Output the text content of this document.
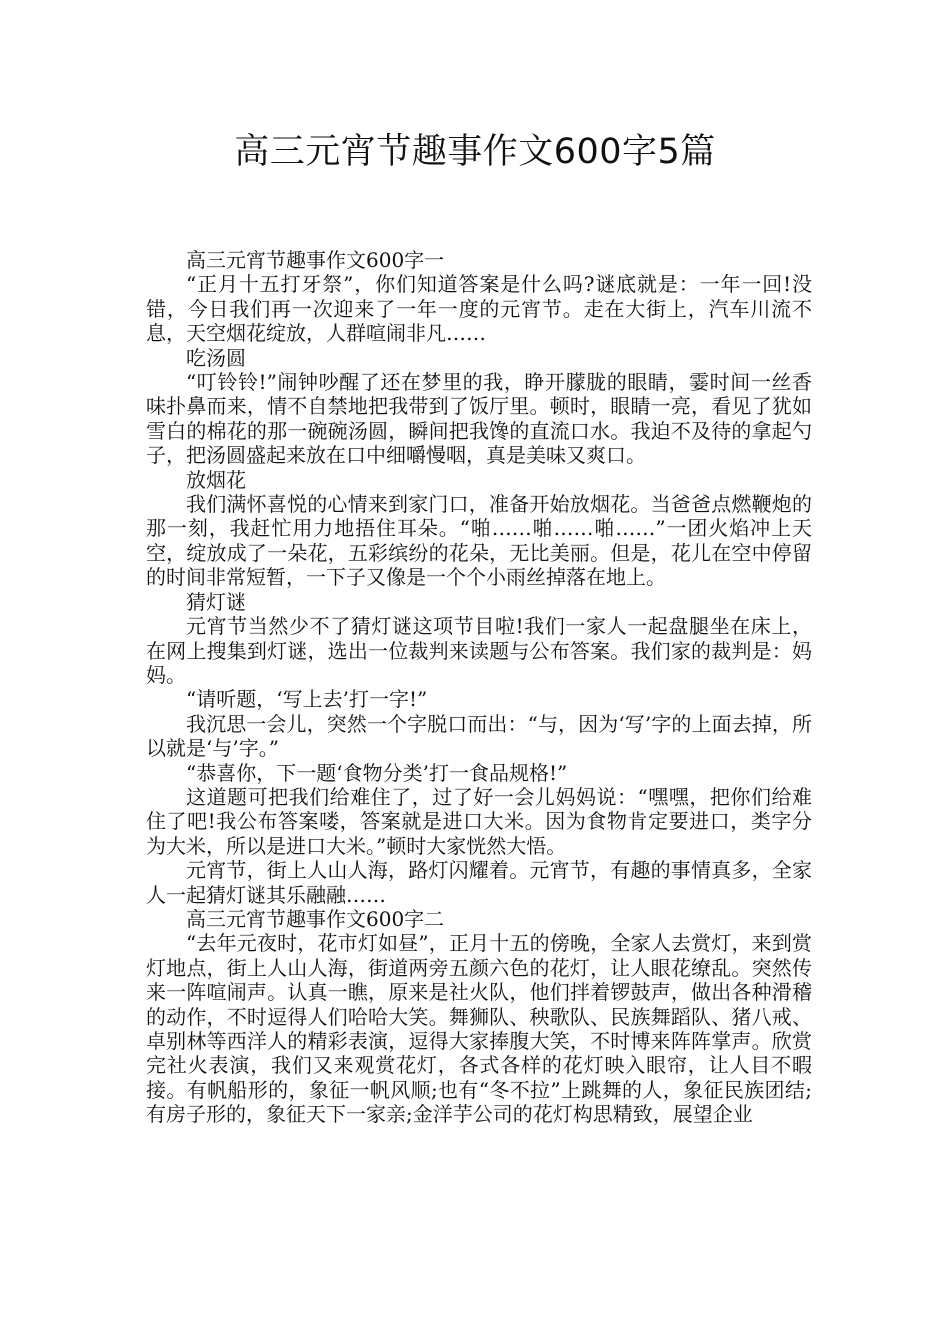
高三元宵节趣事作文600字5篇

高三元宵节趣事作文600字一

“正月十五打牙祭”，你们知道答案是什么吗?谜底就是：一年一回!没错，今日我们再一次迎来了一年一度的元宵节。走在大街上，汽车川流不息，天空烟花绽放，人群喧闹非凡……

吃汤圆

“叮铃铃!”闹钟吵醒了还在梦里的我，睁开朦胧的眼睛，霎时间一丝香味扑鼻而来，情不自禁地把我带到了饭厅里。顿时，眼睛一亮，看见了犹如雪白的棉花的那一碗碗汤圆，瞬间把我馋的直流口水。我迫不及待的拿起勺子，把汤圆盛起来放在口中细嚼慢咽，真是美味又爽口。

放烟花

我们满怀喜悦的心情来到家门口，准备开始放烟花。当爸爸点燃鞭炮的那一刻，我赶忙用力地捂住耳朵。“啪……啪……啪……”一团火焰冲上天空，绽放成了一朵花，五彩缤纷的花朵，无比美丽。但是，花儿在空中停留的时间非常短暂，一下子又像是一个个小雨丝掉落在地上。

猜灯谜

元宵节当然少不了猜灯谜这项节目啦!我们一家人一起盘腿坐在床上，在网上搜集到灯谜，选出一位裁判来读题与公布答案。我们家的裁判是：妈妈。

“请听题，‘写上去’打一字!”

我沉思一会儿，突然一个字脱口而出：“与，因为‘写’字的上面去掉，所以就是‘与’字。”

“恭喜你，下一题‘食物分类’打一食品规格!”

这道题可把我们给难住了，过了好一会儿妈妈说：“嘿嘿，把你们给难住了吧!我公布答案喽，答案就是进口大米。因为食物肯定要进口，类字分为大米，所以是进口大米。”顿时大家恍然大悟。

元宵节，街上人山人海，路灯闪耀着。元宵节，有趣的事情真多，全家人一起猜灯谜其乐融融……

高三元宵节趣事作文600字二

“去年元夜时，花市灯如昼”，正月十五的傍晚，全家人去赏灯，来到赏灯地点，街上人山人海，街道两旁五颜六色的花灯，让人眼花缭乱。突然传来一阵喧闹声。认真一瞧，原来是社火队，他们拌着锣鼓声，做出各种滑稽的动作，不时逗得人们哈哈大笑。舞狮队、秧歌队、民族舞蹈队、猪八戒、卓别林等西洋人的精彩表演，逗得大家捧腹大笑，不时博来阵阵掌声。欣赏完社火表演，我们又来观赏花灯，各式各样的花灯映入眼帘，让人目不暇接。有帆船形的，象征一帆风顺;也有“冬不拉”上跳舞的人，象征民族团结;有房子形的，象征天下一家亲;金洋芋公司的花灯构思精致，展望企业
